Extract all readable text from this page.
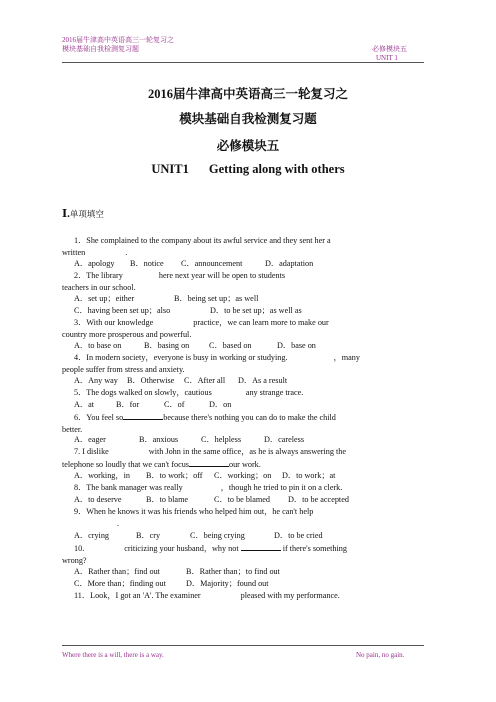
2016届牛津高中英语高三一轮复习之
模块基础自我检测复习题	必修模块五
UNIT 1
2016届牛津高中英语高三一轮复习之
模块基础自我检测复习题
必修模块五
UNIT1 Getting along with others
Ⅰ.单项填空
1．She complained to the company about its awful service and they sent her a
written	.
A．apology B．notice C．announcement	D．adaptation
2．The library	here next year will be open to students
teachers in our school.
A．set up；either	B．being set up；as well
C．having been set up；also	D．to be set up；as well as
3．With our knowledge	practice，we can learn more to make our
country more prosperous and powerful.
A．to base on	B．basing on C．based on	D．base on
4．In modern society，everyone is busy in working or studying.	，many
people suffer from stress and anxiety.
A．Any way B．Otherwise C．After all D．As a result
5．The dogs walked on slowly，cautious	any strange trace.
A．at	B．for	C．of	D．on
6．You feel so	because there's nothing you can do to make the child
better.
A．eager	B．anxious	C．helpless	D．careless
7. I dislike	with John in the same office，as he is always answering the
telephone so loudly that we can't focus	our work.
A．working，in B．to work；off C．working；on D．to work；at
8．The bank manager was really	，though he tried to pin it on a clerk.
A．to deserve	B．to blame	C．to be blamed D．to be accepted
9．When he knows it was his friends who helped him out，he can't help
.
A．crying	B．cry	C．being crying	D．to be cried
10.	criticizing your husband，why not	if there's something
wrong?
A．Rather than；find out	B．Rather than；to find out
C．More than；finding out D．Majority；found out
11．Look，I got an 'A'. The examiner	pleased with my performance.
Where there is a will, there is a way.	No pain, no gain.
